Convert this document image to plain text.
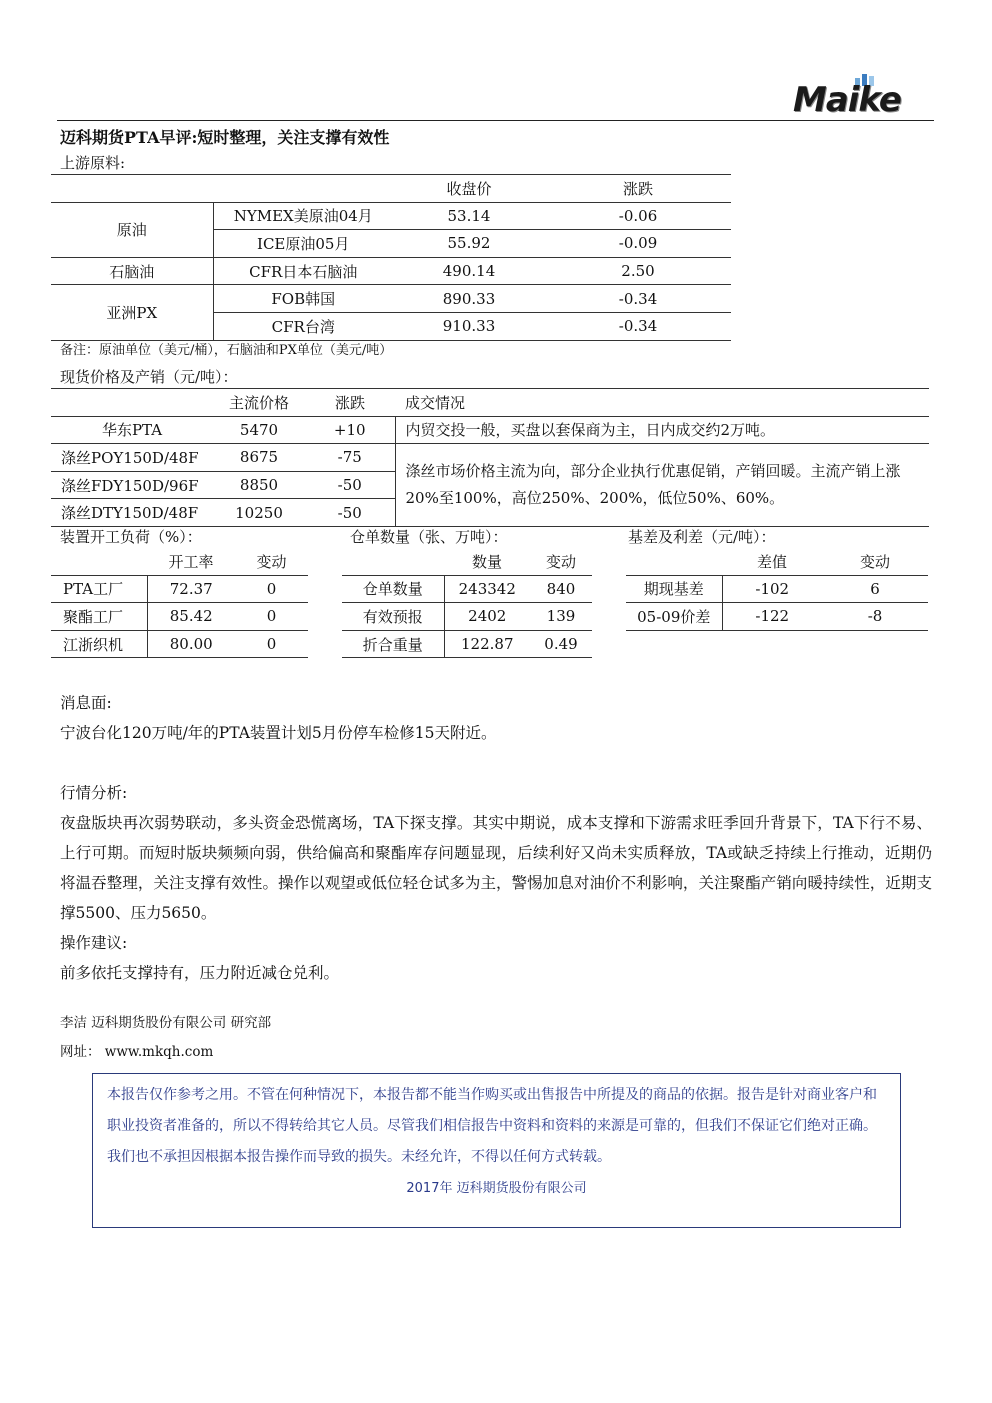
Maike
迈科期货PTA早评:短时整理，关注支撑有效性
上游原料:
		收盘价	涨跌
原油	NYMEX美原油04月	53.14	-0.06
	ICE原油05月	55.92	-0.09
石脑油	CFR日本石脑油	490.14	2.50
亚洲PX	FOB韩国	890.33	-0.34
	CFR台湾	910.33	-0.34
备注：原油单位（美元/桶），石脑油和PX单位（美元/吨）
现货价格及产销（元/吨）：
	主流价格	涨跌	成交情况
华东PTA	5470	+10	内贸交投一般，买盘以套保商为主，日内成交约2万吨。
涤丝POY150D/48F	8675	-75	涤丝市场价格主流为向，部分企业执行优惠促销，产销回暖。主流产销上涨20%至100%，高位250%、200%，低位50%、60%。
涤丝FDY150D/96F	8850	-50	
涤丝DTY150D/48F	10250	-50	
装置开工负荷（%）：
	开工率	变动
PTA工厂	72.37	0
聚酯工厂	85.42	0
江浙织机	80.00	0
仓单数量（张、万吨）：
	数量	变动
仓单数量	243342	840
有效预报	2402	139
折合重量	122.87	0.49
基差及利差（元/吨）：
	差值	变动
期现基差	-102	6
05-09价差	-122	-8
消息面:
宁波台化120万吨/年的PTA装置计划5月份停车检修15天附近。
行情分析:
夜盘版块再次弱势联动，多头资金恐慌离场，TA下探支撑。其实中期说，成本支撑和下游需求旺季回升背景下，TA下行不易、上行可期。而短时版块频频向弱，供给偏高和聚酯库存问题显现，后续利好又尚未实质释放，TA或缺乏持续上行推动，近期仍将温吞整理，关注支撑有效性。操作以观望或低位轻仓试多为主，警惕加息对油价不利影响，关注聚酯产销向暖持续性，近期支撑5500、压力5650。
操作建议:
前多依托支撑持有，压力附近减仓兑利。
李洁 迈科期货股份有限公司 研究部
网址： www.mkqh.com
本报告仅作参考之用。不管在何种情况下，本报告都不能当作购买或出售报告中所提及的商品的依据。报告是针对商业客户和职业投资者准备的，所以不得转给其它人员。尽管我们相信报告中资料和资料的来源是可靠的，但我们不保证它们绝对正确。我们也不承担因根据本报告操作而导致的损失。未经允许，不得以任何方式转载。
2017年 迈科期货股份有限公司
